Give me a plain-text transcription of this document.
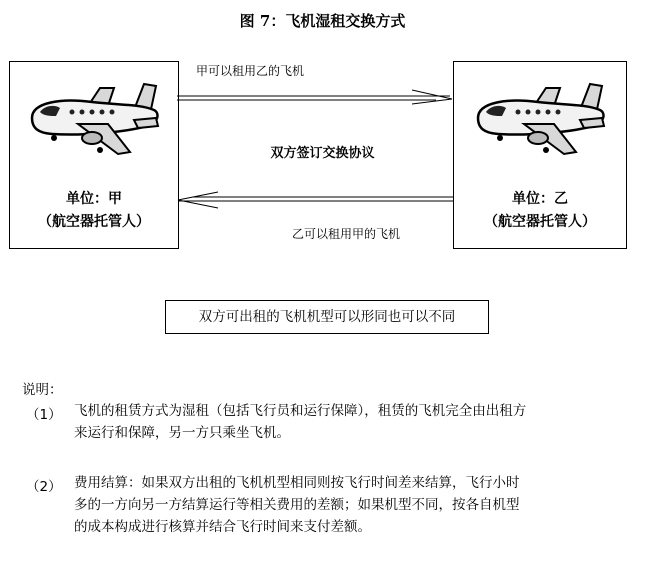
图 7：飞机湿租交换方式
单位：甲
（航空器托管人）
单位：乙
（航空器托管人）
甲可以租用乙的飞机
双方签订交换协议
乙可以租用甲的飞机
双方可出租的飞机机型可以形同也可以不同
说明：
（1） 飞机的租赁方式为湿租（包括飞行员和运行保障），租赁的飞机完全由出租方
来运行和保障，另一方只乘坐飞机。
（2） 费用结算：如果双方出租的飞机机型相同则按飞行时间差来结算，飞行小时
多的一方向另一方结算运行等相关费用的差额；如果机型不同，按各自机型
的成本构成进行核算并结合飞行时间来支付差额。
